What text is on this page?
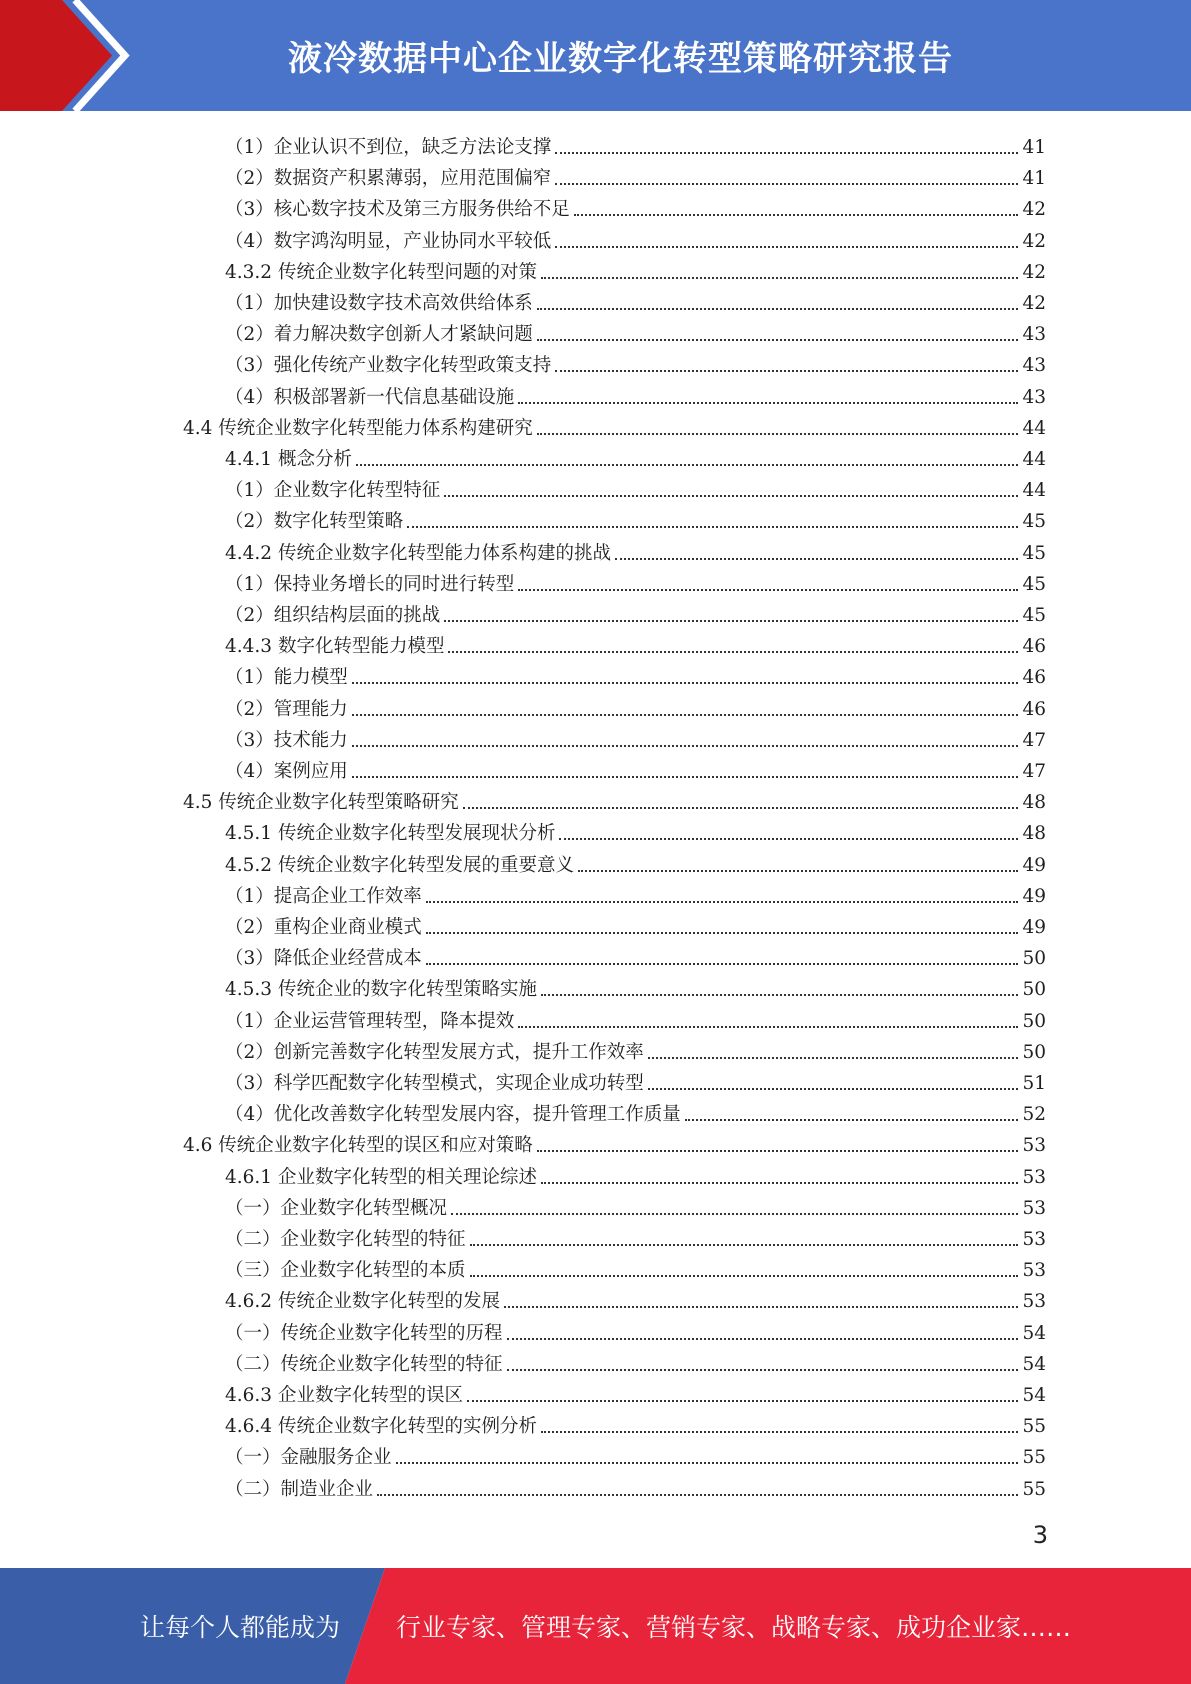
液冷数据中心企业数字化转型策略研究报告
（1）企业认识不到位，缺乏方法论支撑	41
（2）数据资产积累薄弱，应用范围偏窄	41
（3）核心数字技术及第三方服务供给不足	42
（4）数字鸿沟明显，产业协同水平较低	42
4.3.2 传统企业数字化转型问题的对策	42
（1）加快建设数字技术高效供给体系	42
（2）着力解决数字创新人才紧缺问题	43
（3）强化传统产业数字化转型政策支持	43
（4）积极部署新一代信息基础设施	43
4.4 传统企业数字化转型能力体系构建研究	44
4.4.1 概念分析	44
（1）企业数字化转型特征	44
（2）数字化转型策略	45
4.4.2 传统企业数字化转型能力体系构建的挑战	45
（1）保持业务增长的同时进行转型	45
（2）组织结构层面的挑战	45
4.4.3 数字化转型能力模型	46
（1）能力模型	46
（2）管理能力	46
（3）技术能力	47
（4）案例应用	47
4.5 传统企业数字化转型策略研究	48
4.5.1 传统企业数字化转型发展现状分析	48
4.5.2 传统企业数字化转型发展的重要意义	49
（1）提高企业工作效率	49
（2）重构企业商业模式	49
（3）降低企业经营成本	50
4.5.3 传统企业的数字化转型策略实施	50
（1）企业运营管理转型，降本提效	50
（2）创新完善数字化转型发展方式，提升工作效率	50
（3）科学匹配数字化转型模式，实现企业成功转型	51
（4）优化改善数字化转型发展内容，提升管理工作质量	52
4.6 传统企业数字化转型的误区和应对策略	53
4.6.1 企业数字化转型的相关理论综述	53
（一）企业数字化转型概况	53
（二）企业数字化转型的特征	53
（三）企业数字化转型的本质	53
4.6.2 传统企业数字化转型的发展	53
（一）传统企业数字化转型的历程	54
（二）传统企业数字化转型的特征	54
4.6.3 企业数字化转型的误区	54
4.6.4 传统企业数字化转型的实例分析	55
（一）金融服务企业	55
（二）制造业企业	55
3
让每个人都能成为 行业专家、管理专家、营销专家、战略专家、成功企业家……
